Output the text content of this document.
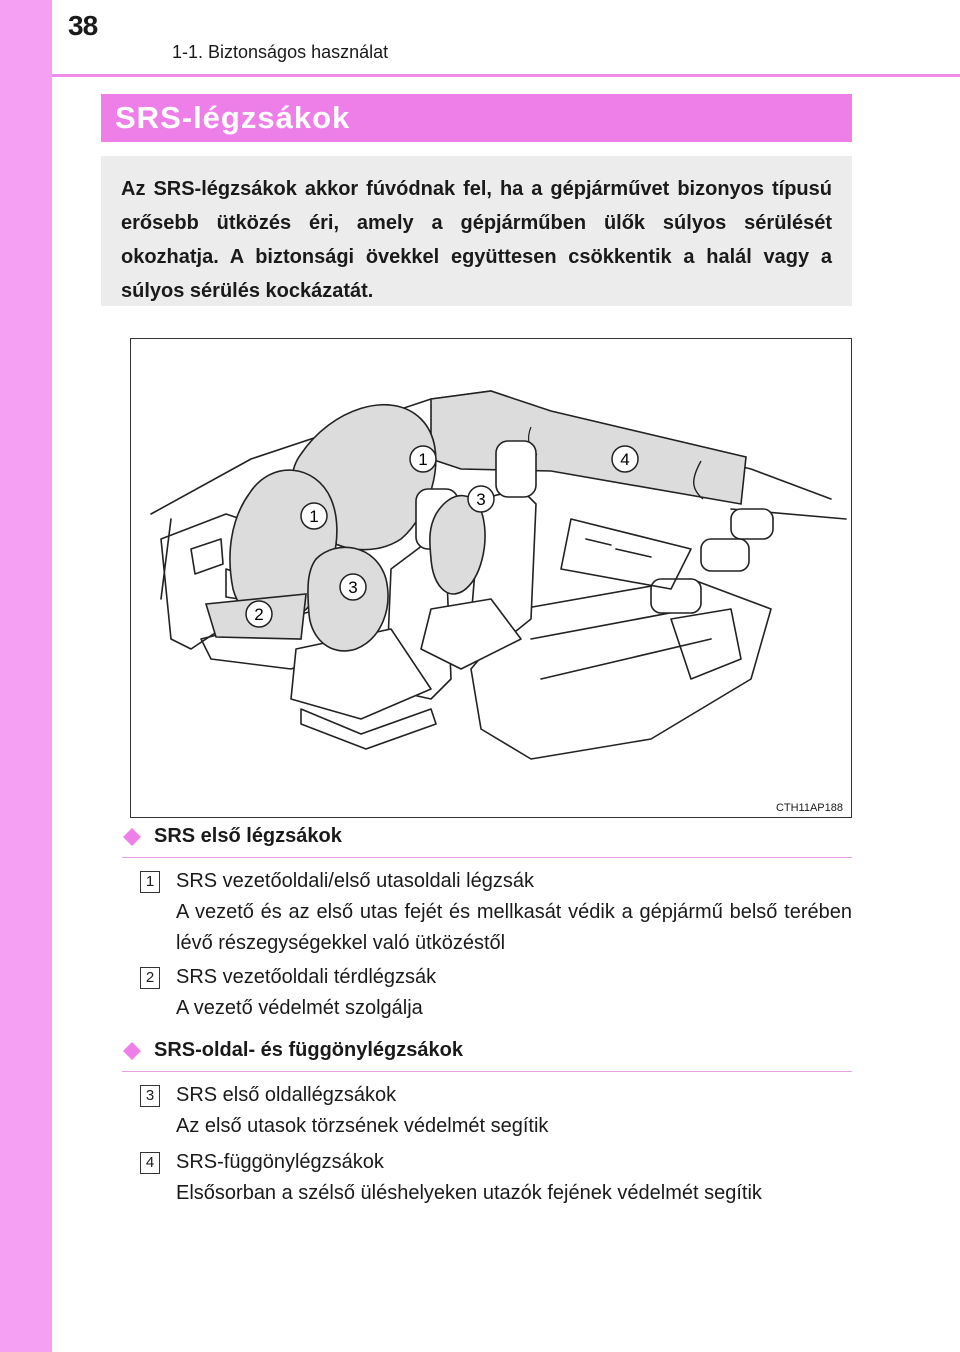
38
1-1. Biztonságos használat
SRS-légzsákok
Az SRS-légzsákok akkor fúvódnak fel, ha a gépjárművet bizonyos típusú erősebb ütközés éri, amely a gépjárműben ülők súlyos sérülését okozhatja. A biztonsági övekkel együttesen csökkentik a halál vagy a súlyos sérülés kockázatát.
1
1
3
3
2
4
CTH11AP188
SRS első légzsákok
1 SRS vezetőoldali/első utasoldali légzsák
A vezető és az első utas fejét és mellkasát védik a gépjármű belső terében lévő részegységekkel való ütközéstől
2 SRS vezetőoldali térdlégzsák
A vezető védelmét szolgálja
SRS-oldal- és függönylégzsákok
3 SRS első oldallégzsákok
Az első utasok törzsének védelmét segítik
4 SRS-függönylégzsákok
Elsősorban a szélső üléshelyeken utazók fejének védelmét segítik
